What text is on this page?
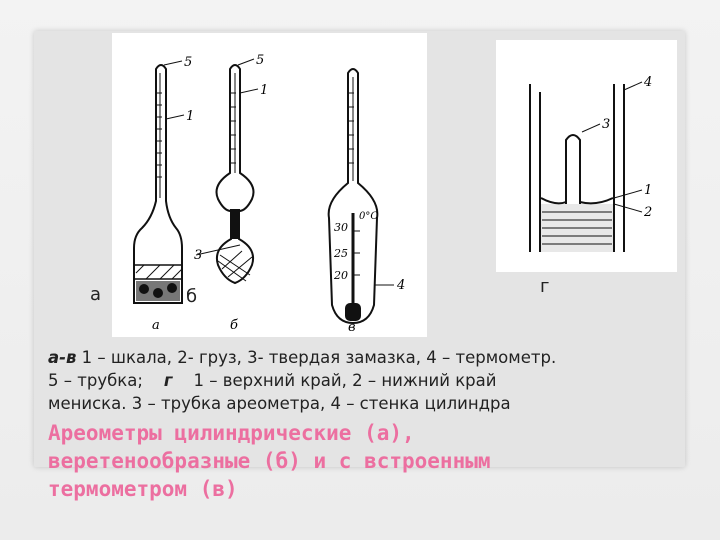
5
1
5
1
3
4
30
25
20
0°C
а	б	в
4
3
1
2
а	б	г
а-в 1 – шкала, 2- груз, 3- твердая замазка, 4 – термометр.
5 – трубка; г 1 – верхний край, 2 – нижний край
мениска. 3 – трубка ареометра, 4 – стенка цилиндра
Ареометры цилиндрические (а),
веретенообразные (б) и с встроенным
термометром (в)
